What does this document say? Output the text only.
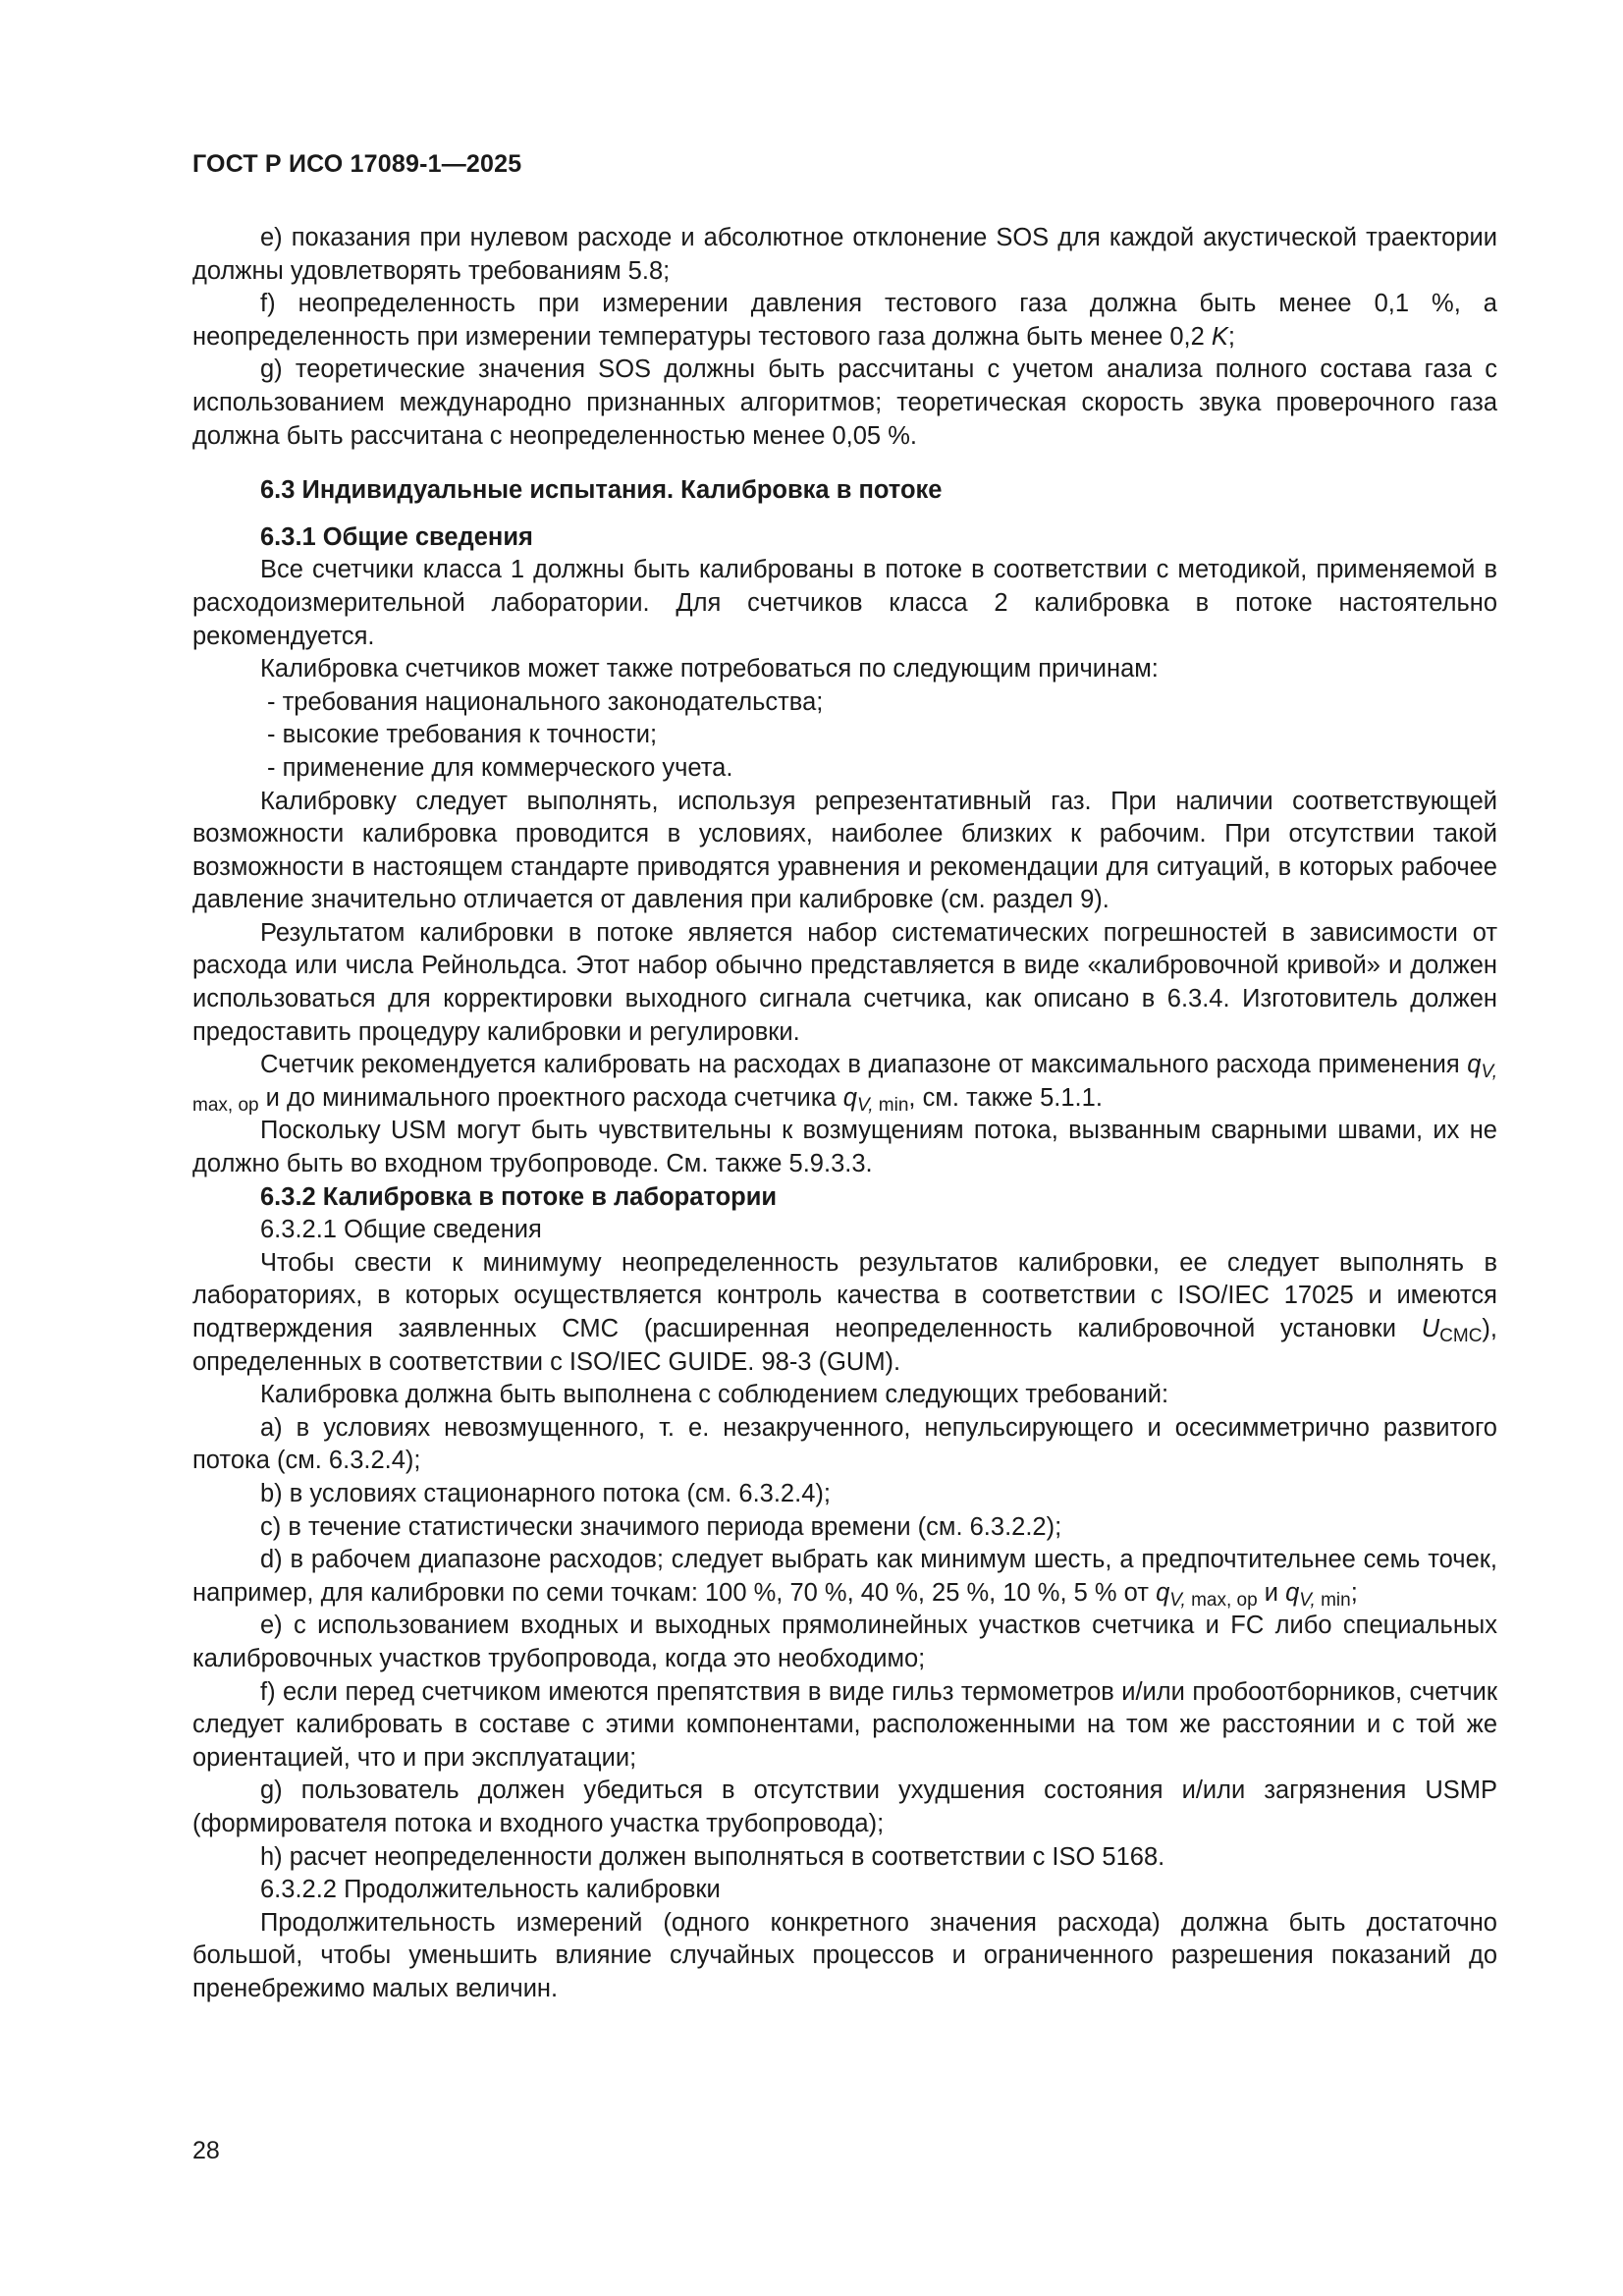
ГОСТ Р ИСО 17089-1—2025

e) показания при нулевом расходе и абсолютное отклонение SOS для каждой акустической траектории должны удовлетворять требованиям 5.8;

f) неопределенность при измерении давления тестового газа должна быть менее 0,1 %, а неопределенность при измерении температуры тестового газа должна быть менее 0,2 K;

g) теоретические значения SOS должны быть рассчитаны с учетом анализа полного состава газа с использованием международно признанных алгоритмов; теоретическая скорость звука проверочного газа должна быть рассчитана с неопределенностью менее 0,05 %.

6.3 Индивидуальные испытания. Калибровка в потоке
6.3.1 Общие сведения

Все счетчики класса 1 должны быть калиброваны в потоке в соответствии с методикой, применяемой в расходоизмерительной лаборатории. Для счетчиков класса 2 калибровка в потоке настоятельно рекомендуется.

Калибровка счетчиков может также потребоваться по следующим причинам:

- требования национального законодательства;

- высокие требования к точности;

- применение для коммерческого учета.

Калибровку следует выполнять, используя репрезентативный газ. При наличии соответствующей возможности калибровка проводится в условиях, наиболее близких к рабочим. При отсутствии такой возможности в настоящем стандарте приводятся уравнения и рекомендации для ситуаций, в которых рабочее давление значительно отличается от давления при калибровке (см. раздел 9).

Результатом калибровки в потоке является набор систематических погрешностей в зависимости от расхода или числа Рейнольдса. Этот набор обычно представляется в виде «калибровочной кривой» и должен использоваться для корректировки выходного сигнала счетчика, как описано в 6.3.4. Изготовитель должен предоставить процедуру калибровки и регулировки.

Счетчик рекомендуется калибровать на расходах в диапазоне от максимального расхода применения $q_{V, max, op}$ и до минимального проектного расхода счетчика $q_{V, min}$, см. также 5.1.1.

Поскольку USM могут быть чувствительны к возмущениям потока, вызванным сварными швами, их не должно быть во входном трубопроводе. См. также 5.9.3.3.

6.3.2 Калибровка в потоке в лаборатории

6.3.2.1 Общие сведения

Чтобы свести к минимуму неопределенность результатов калибровки, ее следует выполнять в лабораториях, в которых осуществляется контроль качества в соответствии с ISO/IEC 17025 и имеются подтверждения заявленных СМС (расширенная неопределенность калибровочной установки $U_{CMC}$), определенных в соответствии с ISO/IEC GUIDE. 98-3 (GUM).

Калибровка должна быть выполнена с соблюдением следующих требований:

a) в условиях невозмущенного, т. е. незакрученного, непульсирующего и осесимметрично развитого потока (см. 6.3.2.4);

b) в условиях стационарного потока (см. 6.3.2.4);

c) в течение статистически значимого периода времени (см. 6.3.2.2);

d) в рабочем диапазоне расходов; следует выбрать как минимум шесть, а предпочтительнее семь точек, например, для калибровки по семи точкам: 100 %, 70 %, 40 %, 25 %, 10 %, 5 % от $q_{V, max, op}$ и $q_{V, min}$;

e) с использованием входных и выходных прямолинейных участков счетчика и FC либо специальных калибровочных участков трубопровода, когда это необходимо;

f) если перед счетчиком имеются препятствия в виде гильз термометров и/или пробоотборников, счетчик следует калибровать в составе с этими компонентами, расположенными на том же расстоянии и с той же ориентацией, что и при эксплуатации;

g) пользователь должен убедиться в отсутствии ухудшения состояния и/или загрязнения USMP (формирователя потока и входного участка трубопровода);

h) расчет неопределенности должен выполняться в соответствии с ISO 5168.

6.3.2.2 Продолжительность калибровки

Продолжительность измерений (одного конкретного значения расхода) должна быть достаточно большой, чтобы уменьшить влияние случайных процессов и ограниченного разрешения показаний до пренебрежимо малых величин.

28
